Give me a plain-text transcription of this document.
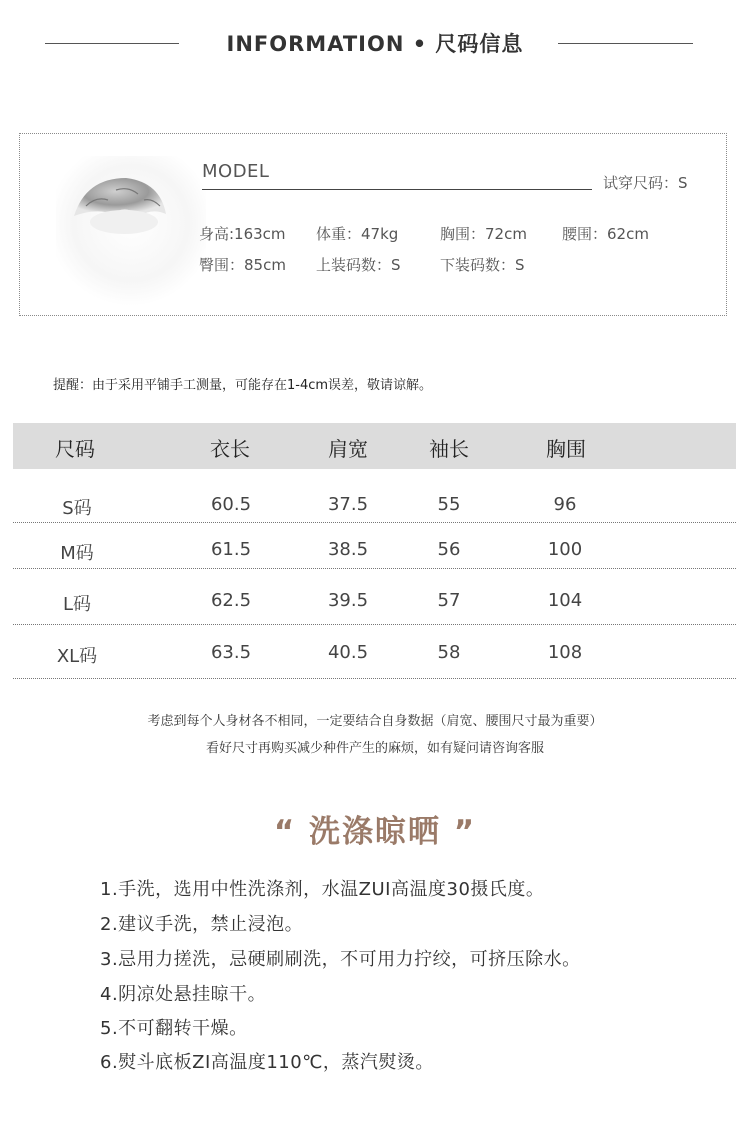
INFORMATION • 尺码信息
MODEL
试穿尺码：S
身高:163cm 体重：47kg	胸围：72cm 腰围：62cm
臀围：85cm 上装码数：S	下装码数：S
提醒：由于采用平铺手工测量，可能存在1-4cm误差，敬请谅解。
尺码	衣长	肩宽	袖长	胸围
S码	60.5	37.5	55	96
M码	61.5	38.5	56	100
L码	62.5	39.5	57	104
XL码	63.5	40.5	58	108
考虑到每个人身材各不相同，一定要结合自身数据（肩宽、腰围尺寸最为重要）
看好尺寸再购买减少种件产生的麻烦，如有疑问请咨询客服
“ 洗涤晾晒 ”
1.手洗，选用中性洗涤剂，水温ZUI高温度30摄氏度。
2.建议手洗，禁止浸泡。
3.忌用力搓洗，忌硬刷刷洗，不可用力拧绞，可挤压除水。
4.阴凉处悬挂晾干。
5.不可翻转干燥。
6.熨斗底板ZI高温度110℃，蒸汽熨烫。
